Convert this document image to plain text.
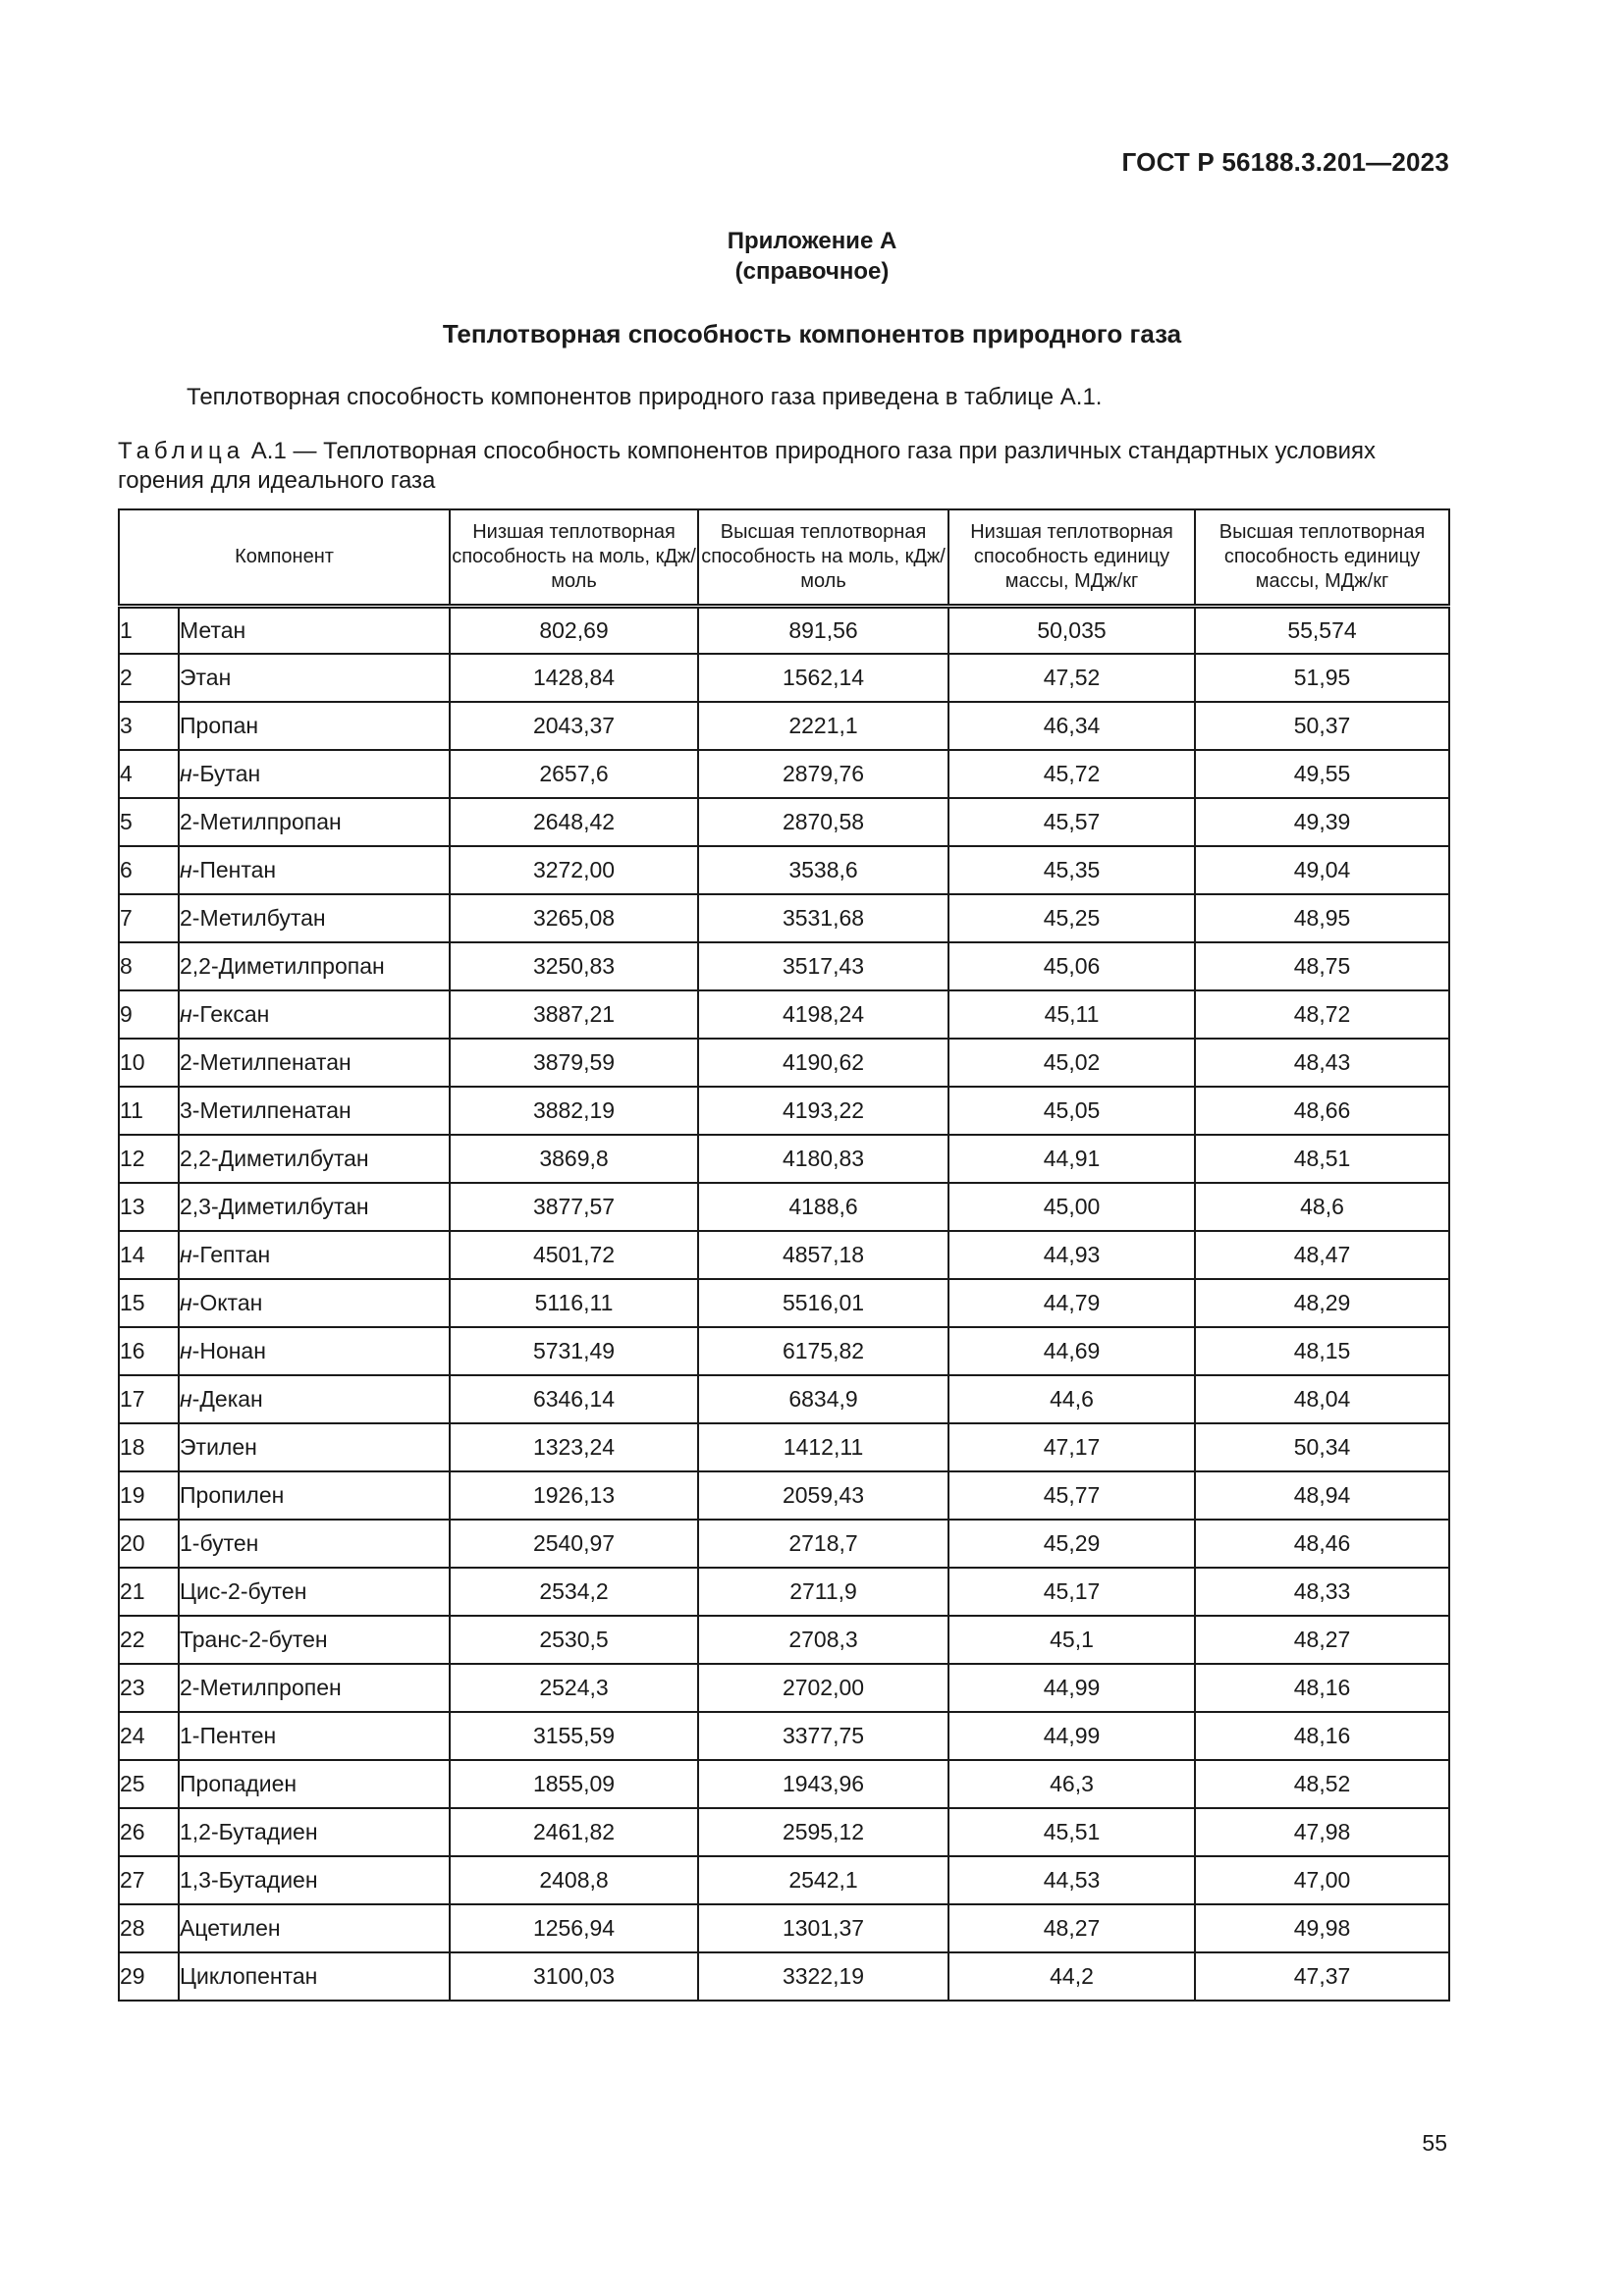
ГОСТ Р 56188.3.201—2023
Приложение А
(справочное)
Теплотворная способность компонентов природного газа
Теплотворная способность компонентов природного газа приведена в таблице А.1.
Таблица А.1 — Теплотворная способность компонентов природного газа при различных стандартных условиях горения для идеального газа
Компонент		Низшая теплотворная способность на моль, кДж/моль	Высшая теплотворная способность на моль, кДж/моль	Низшая теплотворная способность единицу массы, МДж/кг	Высшая теплотворная способность единицу массы, МДж/кг
1	Метан	802,69	891,56	50,035	55,574
2	Этан	1428,84	1562,14	47,52	51,95
3	Пропан	2043,37	2221,1	46,34	50,37
4	н-Бутан	2657,6	2879,76	45,72	49,55
5	2-Метилпропан	2648,42	2870,58	45,57	49,39
6	н-Пентан	3272,00	3538,6	45,35	49,04
7	2-Метилбутан	3265,08	3531,68	45,25	48,95
8	2,2-Диметилпропан	3250,83	3517,43	45,06	48,75
9	н-Гексан	3887,21	4198,24	45,11	48,72
10	2-Метилпенатан	3879,59	4190,62	45,02	48,43
11	3-Метилпенатан	3882,19	4193,22	45,05	48,66
12	2,2-Диметилбутан	3869,8	4180,83	44,91	48,51
13	2,3-Диметилбутан	3877,57	4188,6	45,00	48,6
14	н-Гептан	4501,72	4857,18	44,93	48,47
15	н-Октан	5116,11	5516,01	44,79	48,29
16	н-Нонан	5731,49	6175,82	44,69	48,15
17	н-Декан	6346,14	6834,9	44,6	48,04
18	Этилен	1323,24	1412,11	47,17	50,34
19	Пропилен	1926,13	2059,43	45,77	48,94
20	1-бутен	2540,97	2718,7	45,29	48,46
21	Цис-2-бутен	2534,2	2711,9	45,17	48,33
22	Транс-2-бутен	2530,5	2708,3	45,1	48,27
23	2-Метилпропен	2524,3	2702,00	44,99	48,16
24	1-Пентен	3155,59	3377,75	44,99	48,16
25	Пропадиен	1855,09	1943,96	46,3	48,52
26	1,2-Бутадиен	2461,82	2595,12	45,51	47,98
27	1,3-Бутадиен	2408,8	2542,1	44,53	47,00
28	Ацетилен	1256,94	1301,37	48,27	49,98
29	Циклопентан	3100,03	3322,19	44,2	47,37
55
